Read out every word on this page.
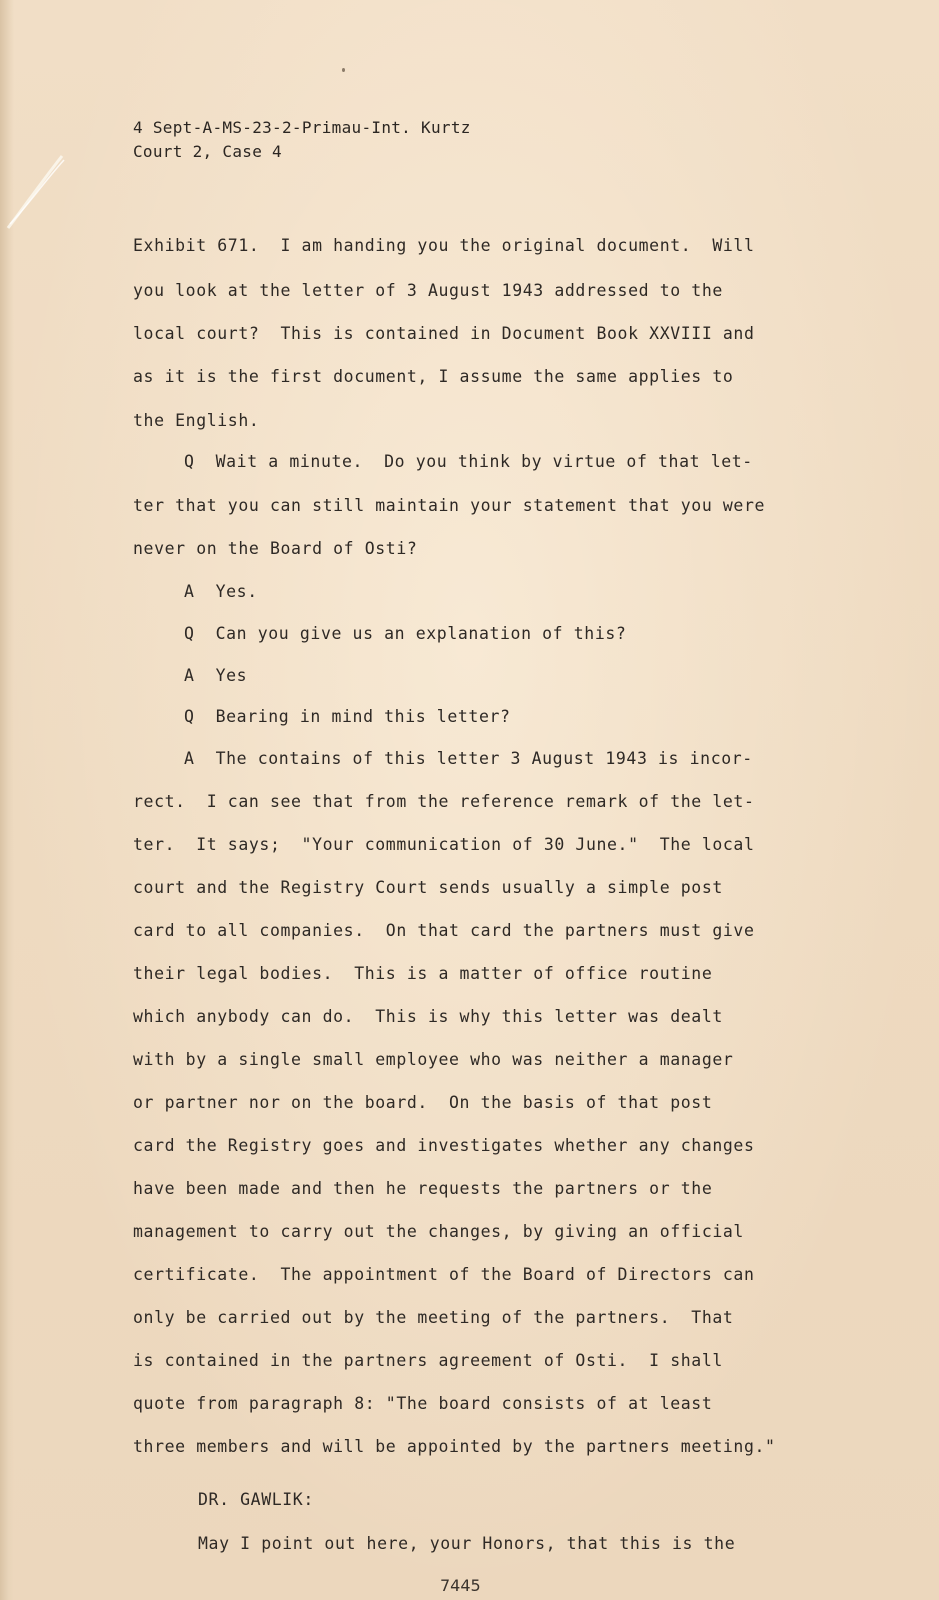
4 Sept-A-MS-23-2-Primau-Int. Kurtz
Court 2, Case 4
Exhibit 671.  I am handing you the original document.  Will
you look at the letter of 3 August 1943 addressed to the
local court?  This is contained in Document Book XXVIII and
as it is the first document, I assume the same applies to
the English.
Q  Wait a minute.  Do you think by virtue of that let-
ter that you can still maintain your statement that you were
never on the Board of Osti?
A  Yes.
Q  Can you give us an explanation of this?
A  Yes
Q  Bearing in mind this letter?
A  The contains of this letter 3 August 1943 is incor-
rect.  I can see that from the reference remark of the let-
ter.  It says;  "Your communication of 30 June."  The local
court and the Registry Court sends usually a simple post
card to all companies.  On that card the partners must give
their legal bodies.  This is a matter of office routine
which anybody can do.  This is why this letter was dealt
with by a single small employee who was neither a manager
or partner nor on the board.  On the basis of that post
card the Registry goes and investigates whether any changes
have been made and then he requests the partners or the
management to carry out the changes, by giving an official
certificate.  The appointment of the Board of Directors can
only be carried out by the meeting of the partners.  That
is contained in the partners agreement of Osti.  I shall
quote from paragraph 8: "The board consists of at least
three members and will be appointed by the partners meeting."
DR. GAWLIK:
May I point out here, your Honors, that this is the
7445
